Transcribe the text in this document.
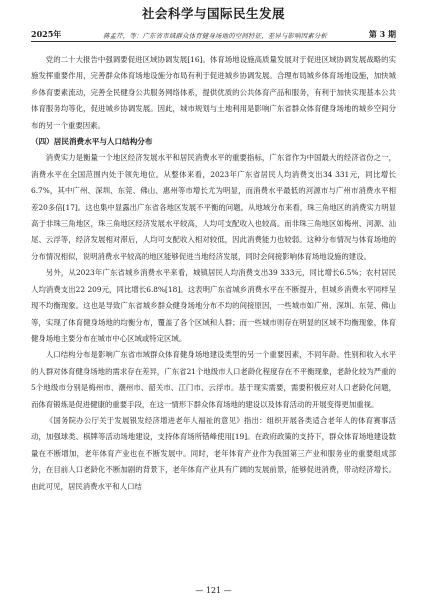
社会科学与国际民生发展
2025年	蒋孟芹，等：广东省市域群众体育健身场地的空间特征、差异与影响因素分析	第 3 期

党的二十大报告中强调要促进区域协调发展[16]。体育场地设施高质量发展对于促进区域协调发展战略的实施发挥重要作用，完善群众体育场地设施分布局有利于促进城乡协调发展。合理布局城乡体育场地设施，加快城乡体育要素流动，完善全民健身公共服务网络体系，提供优质的公共体育产品和服务，有利于加快实现基本公共体育服务均等化，促进城乡协调发展。因此，城市规划与土地利用是影响广东省群众体育健身场地的城乡空间分布的另一个重要因素。

（四）居民消费水平与人口结构分布

消费实力是衡量一个地区经济发展水平和居民消费水平的重要指标，广东省作为中国最大的经济省份之一，消费水平在全国范围内处于领先地位。从整体来看，2023年广东省居民人均消费支出34 331元，同比增长6.7%，其中广州、深圳、东莞、佛山、惠州等市增长尤为明显，而消费水平最低的河源市与广州市消费水平相差20多倍[17]。这也集中显露出广东省各地区发展不平衡的问题。从地域分布来看，珠三角地区的消费实力明显高于非珠三角地区，珠三角地区经济发展水平较高，人均可支配收入也较高。而非珠三角地区如梅州、河源、汕尾、云浮等，经济发展相对滞后，人均可支配收入相对较低，因此消费能力也较弱。这种分布情况与体育场地的分布情况相似，说明消费水平较高的地区能够促进当地经济发展，同时会间接影响体育场地设施的建设。

另外，从2023年广东省城乡消费水平来看，城镇居民人均消费支出39 333元，同比增长6.5%；农村居民人均消费支出22 209元，同比增长6.8%[18]。这表明广东省城乡消费水平在不断提升，但城乡消费水平同样呈现不均衡现象。这也是导致广东省城乡群众健身场地分布不均的间接原因，一些城市如广州、深圳、东莞、佛山等，实现了体育健身场地的均衡分布，覆盖了各个区域和人群；而一些城市则存在明显的区域不均衡现象，体育健身场地主要分布在城市中心区域或特定区域。

人口结构分布是影响广东省市域群众体育健身场地建设类型的另一个重要因素，不同年龄、性别和收入水平的人群对体育健身场地的需求存在差异，广东省21个地级市人口老龄化程度存在不平衡现象，老龄化较为严重的5个地级市分别是梅州市、潮州市、韶关市、江门市、云浮市。基于现实需要，需要积极应对人口老龄化问题，而体育锻炼是促进健康的重要手段，在这一情形下群众体育场地的建设以及体育活动的开展变得更加重视。

《国务院办公厅关于发展银发经济增进老年人福祉的意见》指出：组织开展各类适合老年人的体育赛事活动，加强球类、棋牌等活动场地建设，支持体育场所错峰使用[19]。在政府政策的支持下，群众体育场地建设数量在不断增加，老年体育产业也在不断发展中。同时，老年体育产业作为我国第三产业和服务业的重要组成部分，在目前人口老龄化不断加剧的背景下，老年体育产业具有广阔的发展前景，能够促进消费，带动经济增长。由此可见，居民消费水平和人口结

— 121 —
